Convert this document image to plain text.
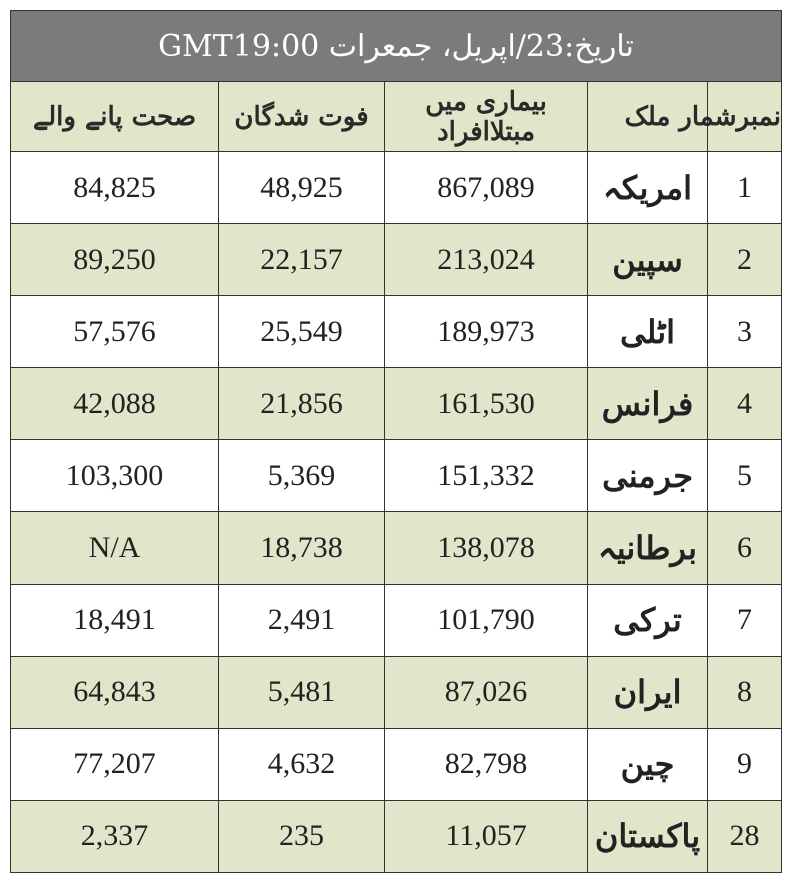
تاریخ:23/اپریل، جمعرات GMT19:00				
نمبرشمار	ملک	بیماری میں مبتلاافراد	فوت شدگان	صحت پانے والے
1	امریکہ	867,089	48,925	84,825
2	سپین	213,024	22,157	89,250
3	اٹلی	189,973	25,549	57,576
4	فرانس	161,530	21,856	42,088
5	جرمنی	151,332	5,369	103,300
6	برطانیہ	138,078	18,738	N/A
7	ترکی	101,790	2,491	18,491
8	ایران	87,026	5,481	64,843
9	چین	82,798	4,632	77,207
28	پاکستان	11,057	235	2,337
